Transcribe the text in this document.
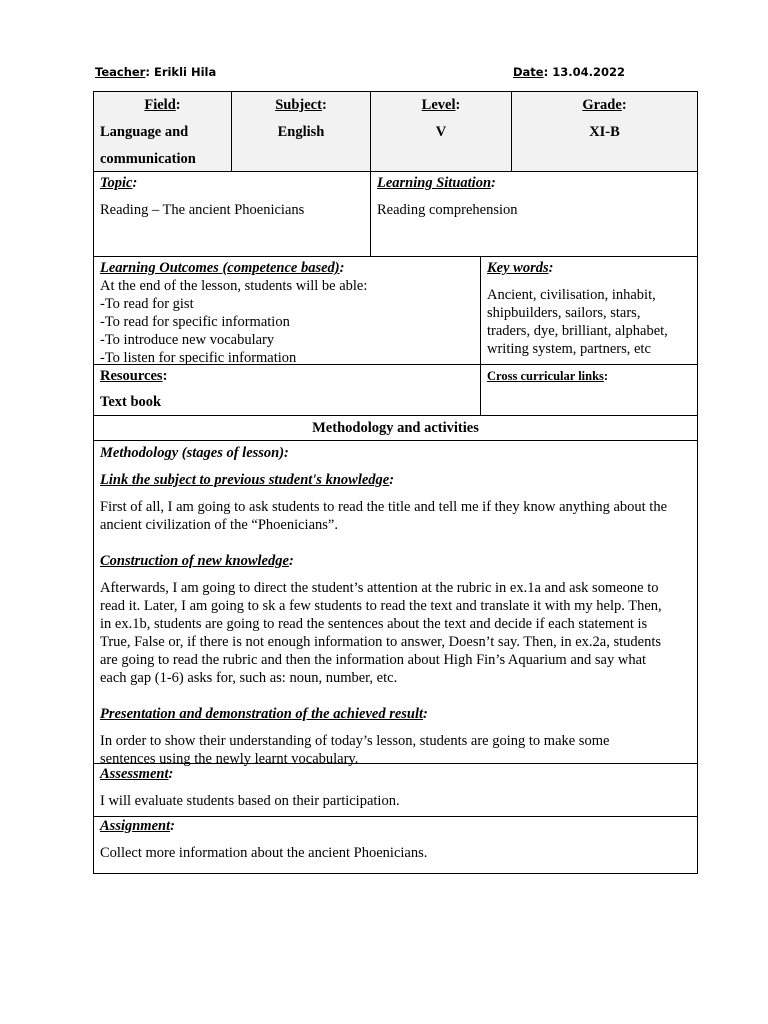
Teacher: Erikli Hila	Date: 13.04.2022
Field:
Language and
communication
Subject:
English
Level:
V
Grade:
XI-B
Topic:
Reading – The ancient Phoenicians
Learning Situation:
Reading comprehension
Learning Outcomes (competence based):
At the end of the lesson, students will be able:
-To read for gist
-To read for specific information
-To introduce new vocabulary
-To listen for specific information
Key words:
Ancient, civilisation, inhabit,
shipbuilders, sailors, stars,
traders, dye, brilliant, alphabet,
writing system, partners, etc
Resources:
Text book
Cross curricular links:
Methodology and activities
Methodology (stages of lesson):
Link the subject to previous student's knowledge:
First of all, I am going to ask students to read the title and tell me if they know anything about the
ancient civilization of the “Phoenicians”.
Construction of new knowledge:
Afterwards, I am going to direct the student’s attention at the rubric in ex.1a and ask someone to
read it. Later, I am going to sk a few students to read the text and translate it with my help. Then,
in ex.1b, students are going to read the sentences about the text and decide if each statement is
True, False or, if there is not enough information to answer, Doesn’t say. Then, in ex.2a, students
are going to read the rubric and then the information about High Fin’s Aquarium and say what
each gap (1-6) asks for, such as: noun, number, etc.
Presentation and demonstration of the achieved result:
In order to show their understanding of today’s lesson, students are going to make some
sentences using the newly learnt vocabulary.
Assessment:
I will evaluate students based on their participation.
Assignment:
Collect more information about the ancient Phoenicians.
